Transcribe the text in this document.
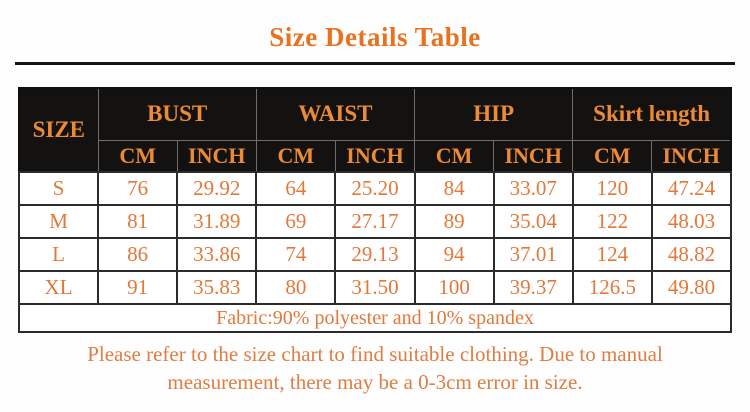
Size Details Table
SIZE	BUST		WAIST		HIP		Skirt length	
	CM	INCH	CM	INCH	CM	INCH	CM	INCH
S	76	29.92	64	25.20	84	33.07	120	47.24
M	81	31.89	69	27.17	89	35.04	122	48.03
L	86	33.86	74	29.13	94	37.01	124	48.82
XL	91	35.83	80	31.50	100	39.37	126.5	49.80
Fabric:90% polyester and 10% spandex								

Please refer to the size chart to find suitable clothing. Due to manual measurement, there may be a 0-3cm error in size.
